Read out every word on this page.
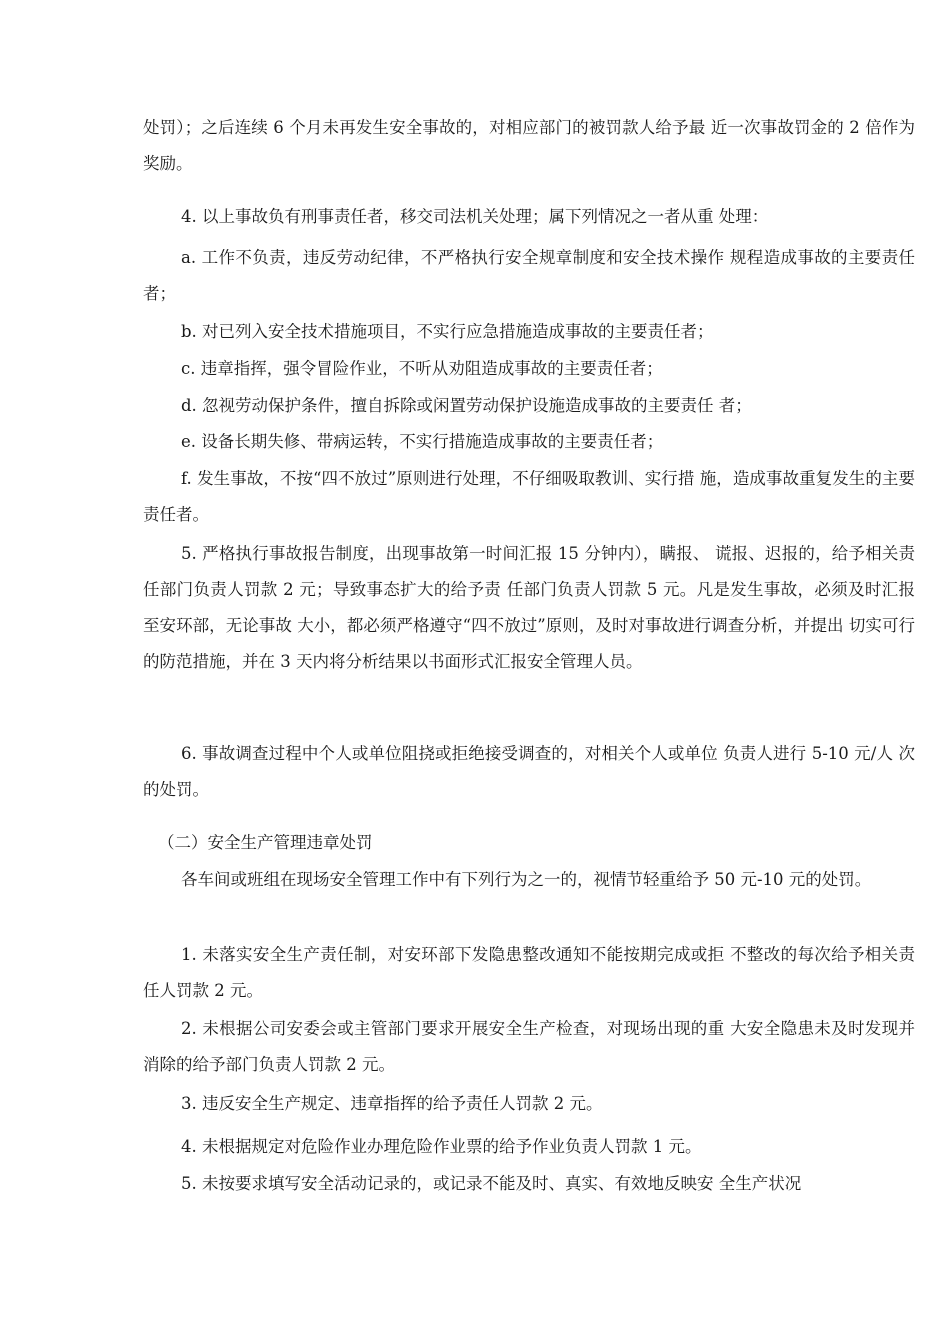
处罚）；之后连续 6 个月未再发生安全事故的，对相应部门的被罚款人给予最 近一次事故罚金的 2 倍作为奖励。

4. 以上事故负有刑事责任者，移交司法机关处理；属下列情况之一者从重 处理：

a. 工作不负责，违反劳动纪律，不严格执行安全规章制度和安全技术操作 规程造成事故的主要责任者；

b. 对已列入安全技术措施项目，不实行应急措施造成事故的主要责任者；

c. 违章指挥，强令冒险作业，不听从劝阻造成事故的主要责任者；

d. 忽视劳动保护条件，擅自拆除或闲置劳动保护设施造成事故的主要责任 者；

e. 设备长期失修、带病运转，不实行措施造成事故的主要责任者；

f. 发生事故，不按“四不放过”原则进行处理，不仔细吸取教训、实行措 施，造成事故重复发生的主要责任者。

5. 严格执行事故报告制度，出现事故第一时间汇报 15 分钟内），瞒报、 谎报、迟报的，给予相关责任部门负责人罚款 2 元；导致事态扩大的给予责 任部门负责人罚款 5 元。凡是发生事故，必须及时汇报至安环部，无论事故 大小，都必须严格遵守“四不放过”原则，及时对事故进行调查分析，并提出 切实可行的防范措施，并在 3 天内将分析结果以书面形式汇报安全管理人员。

6. 事故调查过程中个人或单位阻挠或拒绝接受调查的，对相关个人或单位 负责人进行 5-10 元/人 次的处罚。

（二）安全生产管理违章处罚

各车间或班组在现场安全管理工作中有下列行为之一的，视情节轻重给予 50 元-10 元的处罚。

1. 未落实安全生产责任制，对安环部下发隐患整改通知不能按期完成或拒 不整改的每次给予相关责任人罚款 2 元。

2. 未根据公司安委会或主管部门要求开展安全生产检查，对现场出现的重 大安全隐患未及时发现并消除的给予部门负责人罚款 2 元。

3. 违反安全生产规定、违章指挥的给予责任人罚款 2 元。

4. 未根据规定对危险作业办理危险作业票的给予作业负责人罚款 1 元。

5. 未按要求填写安全活动记录的，或记录不能及时、真实、有效地反映安 全生产状况
